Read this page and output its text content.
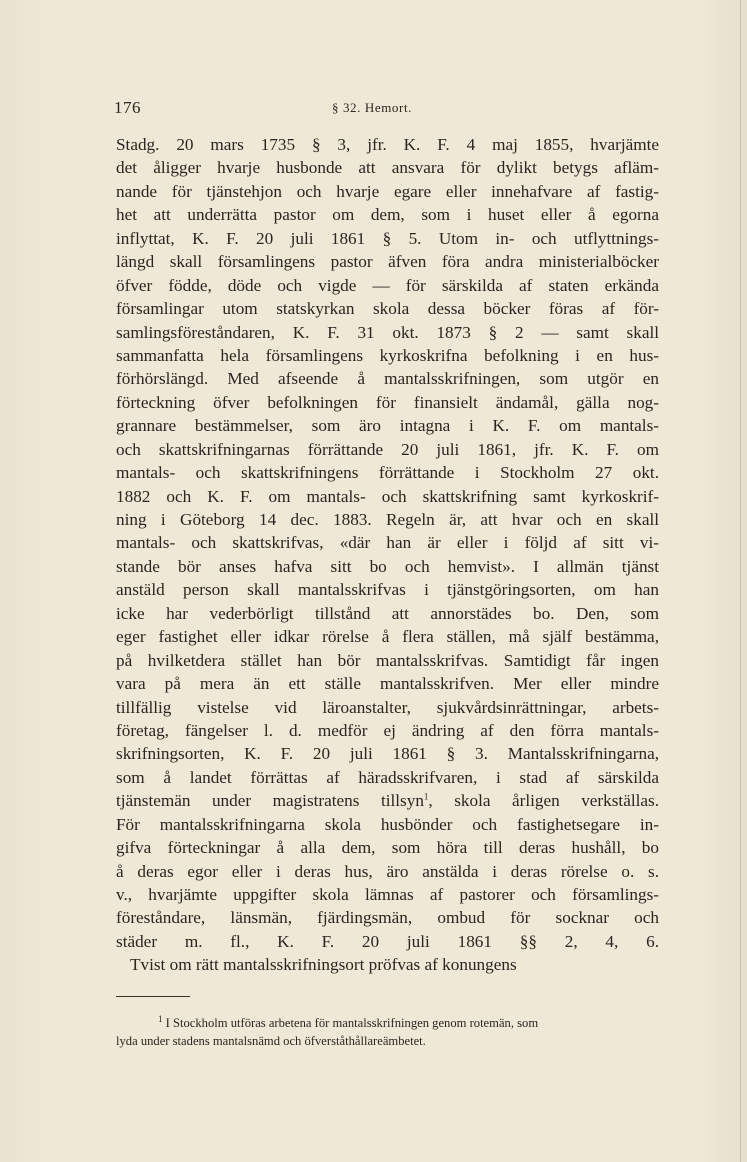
176	§ 32. Hemort.
Stadg. 20 mars 1735 § 3, jfr. K. F. 4 maj 1855, hvarjämte
det åligger hvarje husbonde att ansvara för dylikt betygs afläm-
nande för tjänstehjon och hvarje egare eller innehafvare af fastig-
het att underrätta pastor om dem, som i huset eller å egorna
inflyttat, K. F. 20 juli 1861 § 5. Utom in- och utflyttnings-
längd skall församlingens pastor äfven föra andra ministerialböcker
öfver födde, döde och vigde — för särskilda af staten erkända
församlingar utom statskyrkan skola dessa böcker föras af för-
samlingsföreståndaren, K. F. 31 okt. 1873 § 2 — samt skall
sammanfatta hela församlingens kyrkoskrifna befolkning i en hus-
förhörslängd. Med afseende å mantalsskrifningen, som utgör en
förteckning öfver befolkningen för finansielt ändamål, gälla nog-
grannare bestämmelser, som äro intagna i K. F. om mantals-
och skattskrifningarnas förrättande 20 juli 1861, jfr. K. F. om
mantals- och skattskrifningens förrättande i Stockholm 27 okt.
1882 och K. F. om mantals- och skattskrifning samt kyrkoskrif-
ning i Göteborg 14 dec. 1883. Regeln är, att hvar och en skall
mantals- och skattskrifvas, «där han är eller i följd af sitt vi-
stande bör anses hafva sitt bo och hemvist». I allmän tjänst
anstäld person skall mantalsskrifvas i tjänstgöringsorten, om han
icke har vederbörligt tillstånd att annorstädes bo. Den, som
eger fastighet eller idkar rörelse å flera ställen, må själf bestämma,
på hvilketdera stället han bör mantalsskrifvas. Samtidigt får ingen
vara på mera än ett ställe mantalsskrifven. Mer eller mindre
tillfällig vistelse vid läroanstalter, sjukvårdsinrättningar, arbets-
företag, fängelser l. d. medför ej ändring af den förra mantals-
skrifningsorten, K. F. 20 juli 1861 § 3. Mantalsskrifningarna,
som å landet förrättas af häradsskrifvaren, i stad af särskilda
tjänstemän under magistratens tillsyn$^1$, skola årligen verkställas.
För mantalsskrifningarna skola husbönder och fastighetsegare in-
gifva förteckningar å alla dem, som höra till deras hushåll, bo
å deras egor eller i deras hus, äro anstälda i deras rörelse o. s.
v., hvarjämte uppgifter skola lämnas af pastorer och församlings-
föreståndare, länsmän, fjärdingsmän, ombud för socknar och
städer m. fl., K. F. 20 juli 1861 §§ 2, 4, 6.
Tvist om rätt mantalsskrifningsort pröfvas af konungens
$^1$ I Stockholm utföras arbetena för mantalsskrifningen genom rotemän, som
lyda under stadens mantalsnämd och öfverståthållareämbetet.
